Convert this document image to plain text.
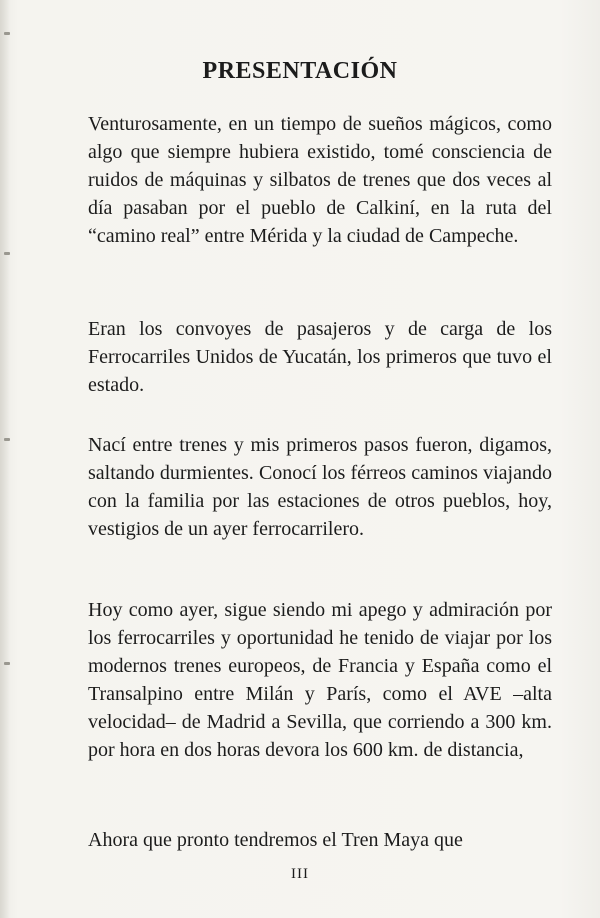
PRESENTACIÓN

Venturosamente, en un tiempo de sueños mágicos, como algo que siempre hubiera existido, tomé consciencia de ruidos de máquinas y silbatos de trenes que dos veces al día pasaban por el pueblo de Calkiní, en la ruta del “camino real” entre Mérida y la ciudad de Campeche.

Eran los convoyes de pasajeros y de carga de los Ferrocarriles Unidos de Yucatán, los primeros que tuvo el estado.

Nací entre trenes y mis primeros pasos fueron, digamos, saltando durmientes. Conocí los férreos caminos viajando con la familia por las estaciones de otros pueblos, hoy, vestigios de un ayer ferrocarrilero.

Hoy como ayer, sigue siendo mi apego y admiración por los ferrocarriles y oportunidad he tenido de viajar por los modernos trenes europeos, de Francia y España como el Transalpino entre Milán y París, como el AVE –alta velocidad– de Madrid a Sevilla, que corriendo a 300 km. por hora en dos horas devora los 600 km. de distancia,

Ahora que pronto tendremos el Tren Maya que

III
